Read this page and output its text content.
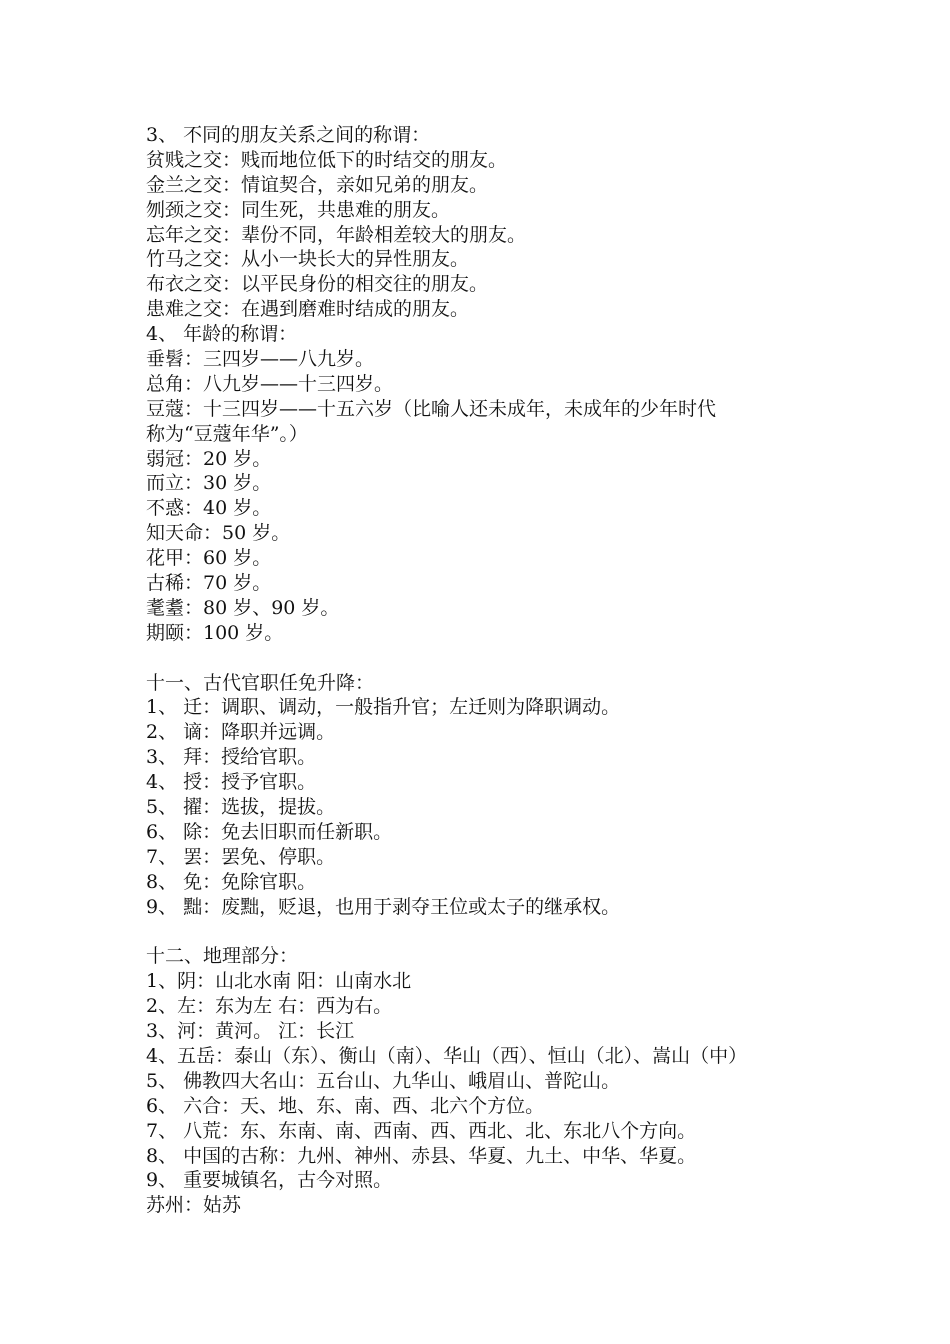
3、 不同的朋友关系之间的称谓：
贫贱之交：贱而地位低下的时结交的朋友。
金兰之交：情谊契合，亲如兄弟的朋友。
刎颈之交：同生死，共患难的朋友。
忘年之交：辈份不同，年龄相差较大的朋友。
竹马之交：从小一块长大的异性朋友。
布衣之交：以平民身份的相交往的朋友。
患难之交：在遇到磨难时结成的朋友。
4、 年龄的称谓：
垂髫：三四岁——八九岁。
总角：八九岁——十三四岁。
豆蔻：十三四岁——十五六岁（比喻人还未成年，未成年的少年时代
称为“豆蔻年华”。）
弱冠：20 岁。
而立：30 岁。
不惑：40 岁。
知天命：50 岁。
花甲：60 岁。
古稀：70 岁。
耄耋：80 岁、90 岁。
期颐：100 岁。
十一、古代官职任免升降：
1、 迁：调职、调动，一般指升官；左迁则为降职调动。
2、 谪：降职并远调。
3、 拜：授给官职。
4、 授：授予官职。
5、 擢：选拔，提拔。
6、 除：免去旧职而任新职。
7、 罢：罢免、停职。
8、 免：免除官职。
9、 黜：废黜，贬退，也用于剥夺王位或太子的继承权。
十二、地理部分：
1、阴：山北水南 阳：山南水北
2、左：东为左 右：西为右。
3、河：黄河。 江：长江
4、五岳：泰山（东）、衡山（南）、华山（西）、恒山（北）、嵩山（中）
5、 佛教四大名山：五台山、九华山、峨眉山、普陀山。
6、 六合：天、地、东、南、西、北六个方位。
7、 八荒：东、东南、南、西南、西、西北、北、东北八个方向。
8、 中国的古称：九州、神州、赤县、华夏、九土、中华、华夏。
9、 重要城镇名，古今对照。
苏州：姑苏
